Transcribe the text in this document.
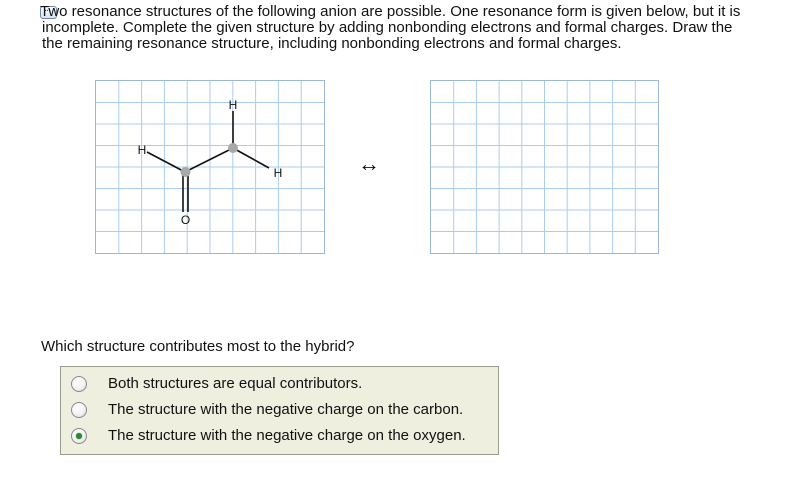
...
Two resonance structures of the following anion are possible. One resonance form is given below, but it is
incomplete. Complete the given structure by adding nonbonding electrons and formal charges. Draw the
the remaining resonance structure, including nonbonding electrons and formal charges.
H
H
H
O
↔
Which structure contributes most to the hybrid?
Both structures are equal contributors.
The structure with the negative charge on the carbon.
The structure with the negative charge on the oxygen.
